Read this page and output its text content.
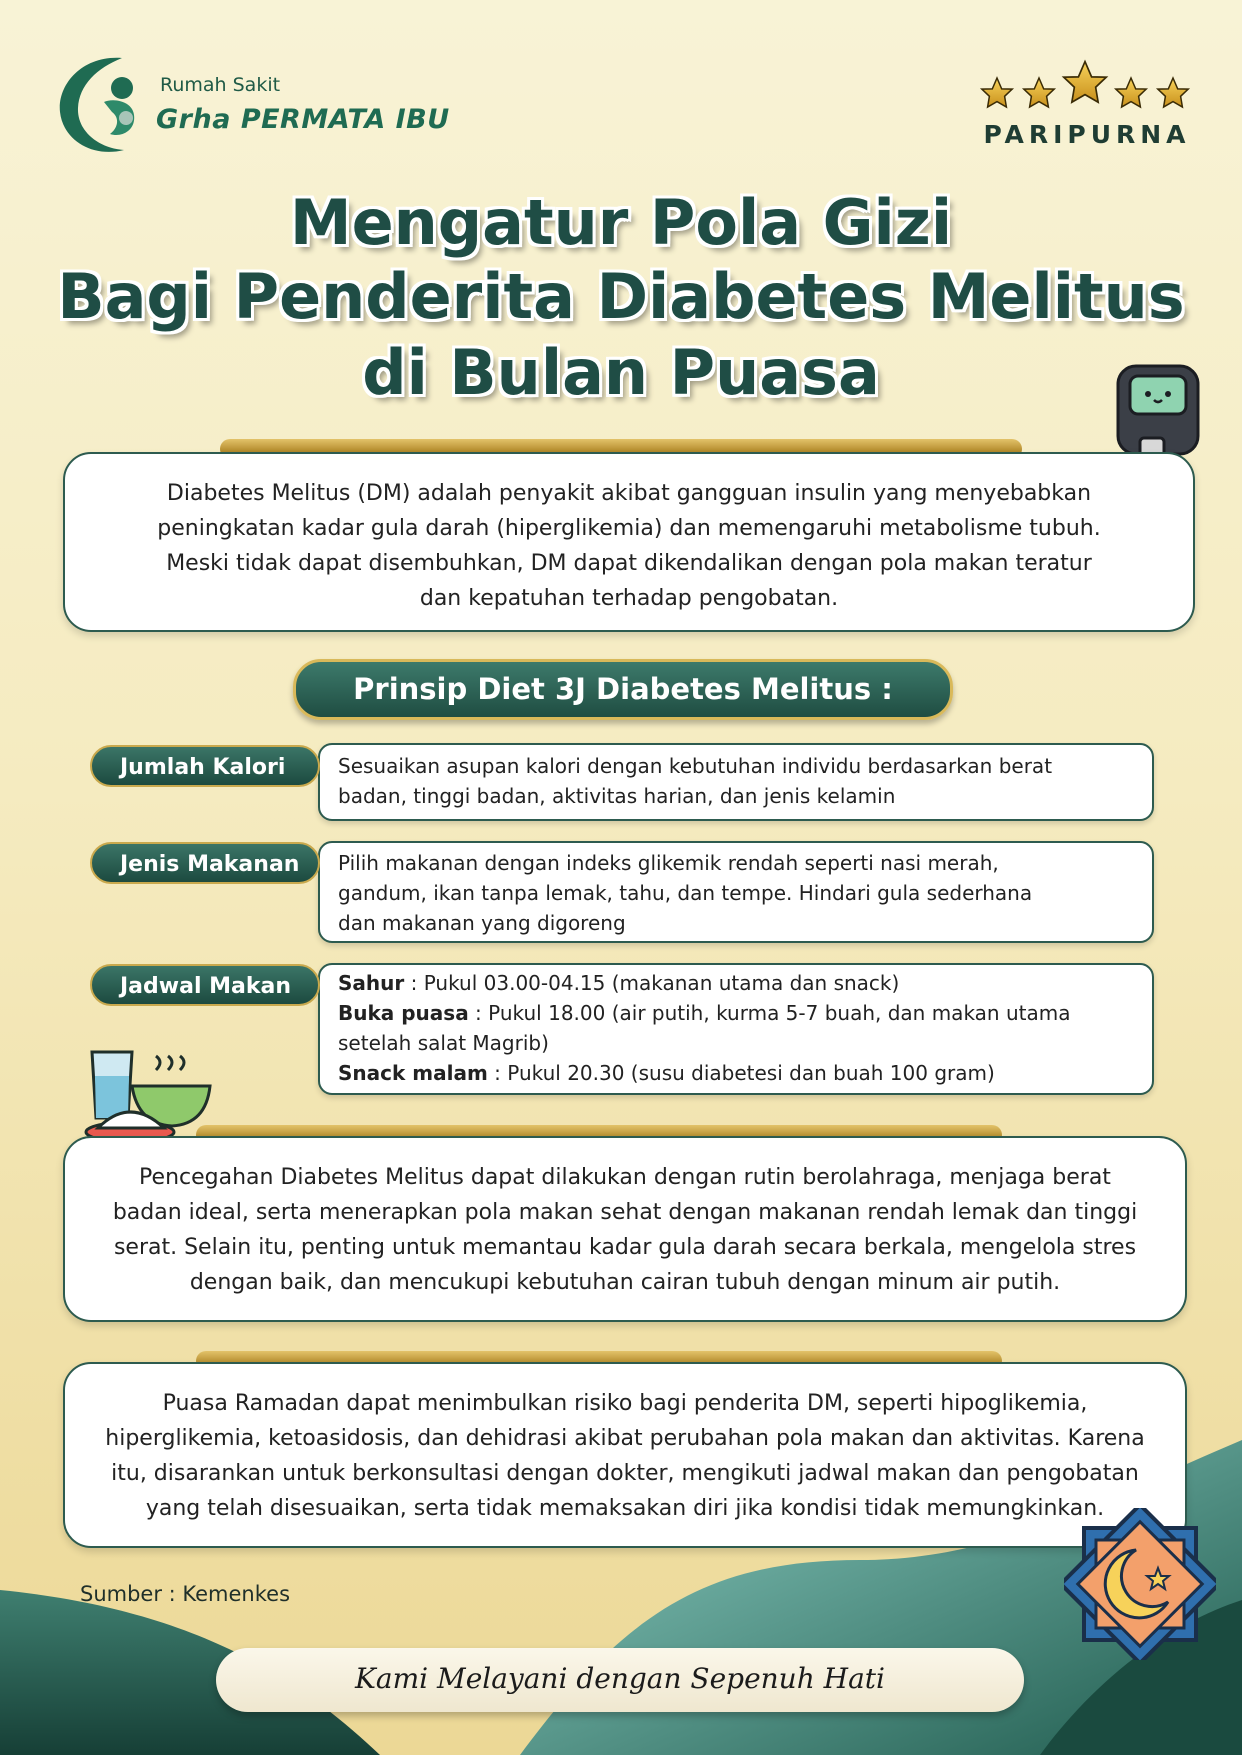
Rumah Sakit
Grha PERMATA IBU	PARIPURNA
Mengatur Pola Gizi
Bagi Penderita Diabetes Melitus
di Bulan Puasa
Diabetes Melitus (DM) adalah penyakit akibat gangguan insulin yang menyebabkan
peningkatan kadar gula darah (hiperglikemia) dan memengaruhi metabolisme tubuh.
Meski tidak dapat disembuhkan, DM dapat dikendalikan dengan pola makan teratur
dan kepatuhan terhadap pengobatan.
Prinsip Diet 3J Diabetes Melitus :
Sesuaikan asupan kalori dengan kebutuhan individu berdasarkan berat
badan, tinggi badan, aktivitas harian, dan jenis kelamin
Jumlah Kalori
Pilih makanan dengan indeks glikemik rendah seperti nasi merah,
gandum, ikan tanpa lemak, tahu, dan tempe. Hindari gula sederhana
dan makanan yang digoreng
Jenis Makanan
Sahur : Pukul 03.00-04.15 (makanan utama dan snack)
Buka puasa : Pukul 18.00 (air putih, kurma 5-7 buah, dan makan utama
setelah salat Magrib)
Snack malam : Pukul 20.30 (susu diabetesi dan buah 100 gram)
Jadwal Makan
Pencegahan Diabetes Melitus dapat dilakukan dengan rutin berolahraga, menjaga berat
badan ideal, serta menerapkan pola makan sehat dengan makanan rendah lemak dan tinggi
serat. Selain itu, penting untuk memantau kadar gula darah secara berkala, mengelola stres
dengan baik, dan mencukupi kebutuhan cairan tubuh dengan minum air putih.
Puasa Ramadan dapat menimbulkan risiko bagi penderita DM, seperti hipoglikemia,
hiperglikemia, ketoasidosis, dan dehidrasi akibat perubahan pola makan dan aktivitas. Karena
itu, disarankan untuk berkonsultasi dengan dokter, mengikuti jadwal makan dan pengobatan
yang telah disesuaikan, serta tidak memaksakan diri jika kondisi tidak memungkinkan.
Sumber : Kemenkes
Kami Melayani dengan Sepenuh Hati
